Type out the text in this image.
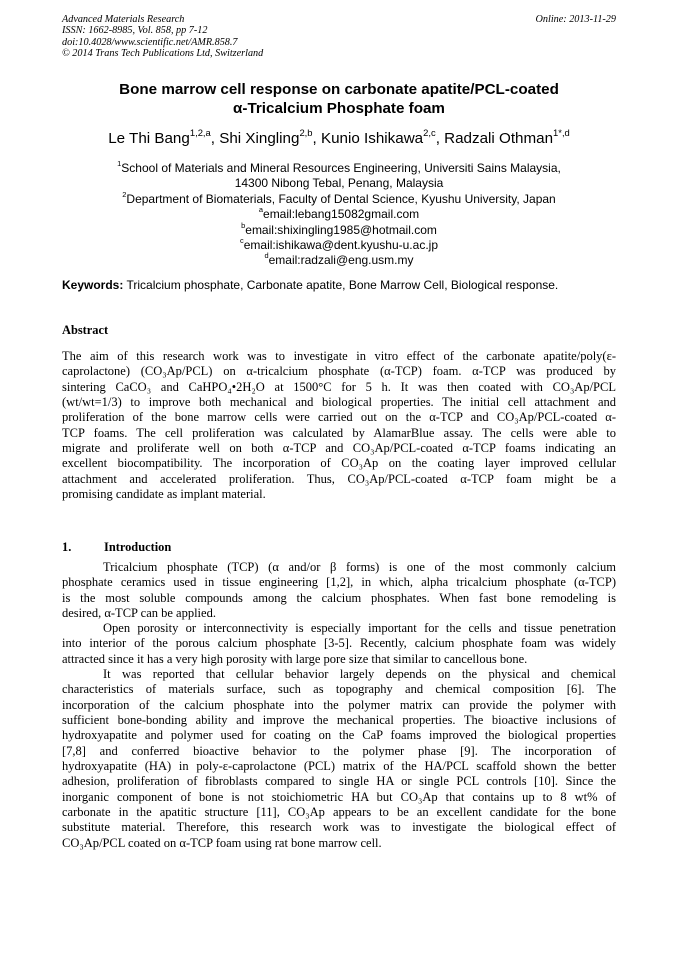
Advanced Materials Research
ISSN: 1662-8985, Vol. 858, pp 7-12
doi:10.4028/www.scientific.net/AMR.858.7
© 2014 Trans Tech Publications Ltd, Switzerland
Online: 2013-11-29
Bone marrow cell response on carbonate apatite/PCL-coated
α-Tricalcium Phosphate foam
Le Thi Bang$^{1,2,a}$, Shi Xingling$^{2,b}$, Kunio Ishikawa$^{2,c}$, Radzali Othman$^{1*,d}$
$^1$School of Materials and Mineral Resources Engineering, Universiti Sains Malaysia,
14300 Nibong Tebal, Penang, Malaysia
$^2$Department of Biomaterials, Faculty of Dental Science, Kyushu University, Japan
$^a$email:lebang15082gmail.com
$^b$email:shixingling1985@hotmail.com
$^c$email:ishikawa@dent.kyushu-u.ac.jp
$^d$email:radzali@eng.usm.my
Keywords: Tricalcium phosphate, Carbonate apatite, Bone Marrow Cell, Biological response.
Abstract
The aim of this research work was to investigate in vitro effect of the carbonate apatite/poly(ε-
caprolactone) (CO₃Ap/PCL) on α-tricalcium phosphate (α-TCP) foam. α-TCP was produced by
sintering CaCO₃ and CaHPO₄•2H₂O at 1500°C for 5 h. It was then coated with CO₃Ap/PCL
(wt/wt=1/3) to improve both mechanical and biological properties. The initial cell attachment and
proliferation of the bone marrow cells were carried out on the α-TCP and CO₃Ap/PCL-coated α-
TCP foams. The cell proliferation was calculated by AlamarBlue assay. The cells were able to
migrate and proliferate well on both α-TCP and CO₃Ap/PCL-coated α-TCP foams indicating an
excellent biocompatibility. The incorporation of CO₃Ap on the coating layer improved cellular
attachment and accelerated proliferation. Thus, CO₃Ap/PCL-coated α-TCP foam might be a
promising candidate as implant material.
1.	Introduction
Tricalcium phosphate (TCP) (α and/or β forms) is one of the most commonly calcium
phosphate ceramics used in tissue engineering [1,2], in which, alpha tricalcium phosphate (α-TCP)
is the most soluble compounds among the calcium phosphates. When fast bone remodeling is
desired, α-TCP can be applied.
Open porosity or interconnectivity is especially important for the cells and tissue penetration
into interior of the porous calcium phosphate [3-5]. Recently, calcium phosphate foam was widely
attracted since it has a very high porosity with large pore size that similar to cancellous bone.
It was reported that cellular behavior largely depends on the physical and chemical
characteristics of materials surface, such as topography and chemical composition [6]. The
incorporation of the calcium phosphate into the polymer matrix can provide the polymer with
sufficient bone-bonding ability and improve the mechanical properties. The bioactive inclusions of
hydroxyapatite and polymer used for coating on the CaP foams improved the biological properties
[7,8] and conferred bioactive behavior to the polymer phase [9]. The incorporation of
hydroxyapatite (HA) in poly-ε-caprolactone (PCL) matrix of the HA/PCL scaffold shown the better
adhesion, proliferation of fibroblasts compared to single HA or single PCL controls [10]. Since the
inorganic component of bone is not stoichiometric HA but CO₃Ap that contains up to 8 wt% of
carbonate in the apatitic structure [11], CO₃Ap appears to be an excellent candidate for the bone
substitute material. Therefore, this research work was to investigate the biological effect of
CO₃Ap/PCL coated on α-TCP foam using rat bone marrow cell.
